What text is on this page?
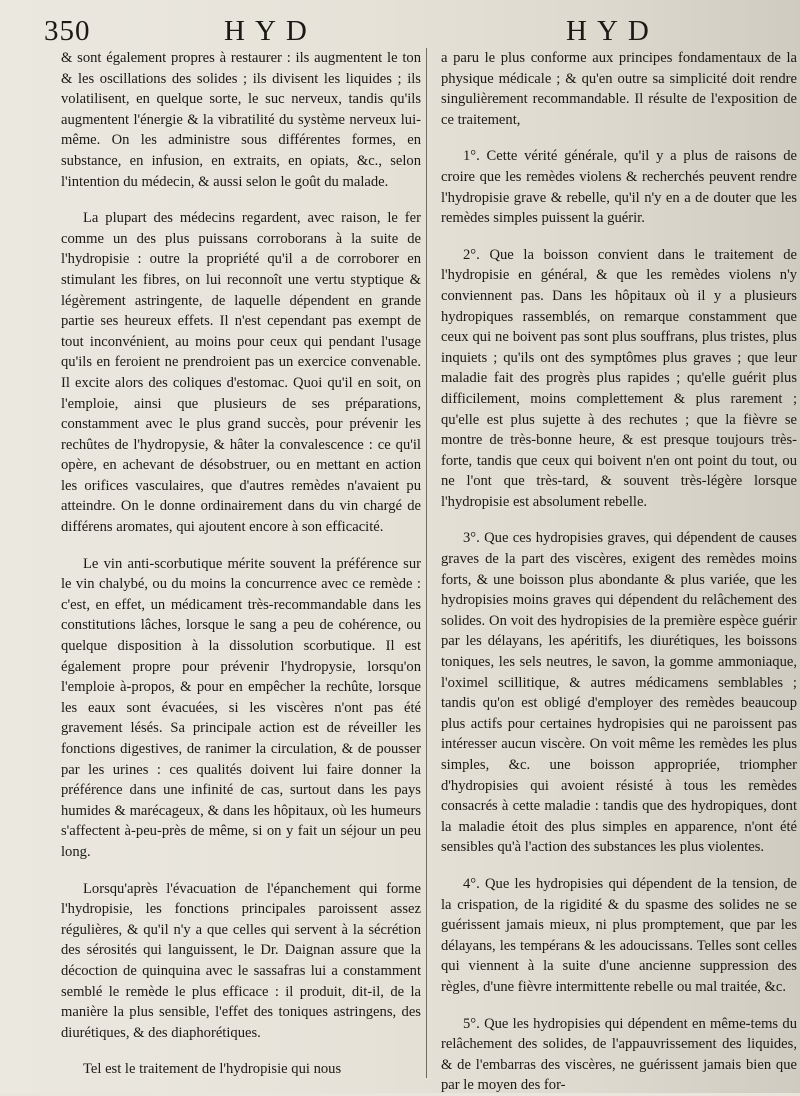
350	HYD	HYD

& sont également propres à restaurer : ils augmentent le ton & les oscillations des solides ; ils divisent les liquides ; ils volatilisent, en quelque sorte, le suc nerveux, tandis qu'ils augmentent l'énergie & la vibratilité du système nerveux lui-même. On les administre sous différentes formes, en substance, en infusion, en extraits, en opiats, &c., selon l'intention du médecin, & aussi selon le goût du malade.

La plupart des médecins regardent, avec raison, le fer comme un des plus puissans corroborans à la suite de l'hydropisie : outre la propriété qu'il a de corroborer en stimulant les fibres, on lui reconnoît une vertu styptique & légèrement astringente, de laquelle dépendent en grande partie ses heureux effets. Il n'est cependant pas exempt de tout inconvénient, au moins pour ceux qui pendant l'usage qu'ils en feroient ne prendroient pas un exercice convenable. Il excite alors des coliques d'estomac. Quoi qu'il en soit, on l'emploie, ainsi que plusieurs de ses préparations, constamment avec le plus grand succès, pour prévenir les rechûtes de l'hydropysie, & hâter la convalescence : ce qu'il opère, en achevant de désobstruer, ou en mettant en action les orifices vasculaires, que d'autres remèdes n'avaient pu atteindre. On le donne ordinairement dans du vin chargé de différens aromates, qui ajoutent encore à son efficacité.

Le vin anti-scorbutique mérite souvent la préférence sur le vin chalybé, ou du moins la concurrence avec ce remède : c'est, en effet, un médicament très-recommandable dans les constitutions lâches, lorsque le sang a peu de cohérence, ou quelque disposition à la dissolution scorbutique. Il est également propre pour prévenir l'hydropysie, lorsqu'on l'emploie à-propos, & pour en empêcher la rechûte, lorsque les eaux sont évacuées, si les viscères n'ont pas été gravement lésés. Sa principale action est de réveiller les fonctions digestives, de ranimer la circulation, & de pousser par les urines : ces qualités doivent lui faire donner la préférence dans une infinité de cas, surtout dans les pays humides & marécageux, & dans les hôpitaux, où les humeurs s'affectent à-peu-près de même, si on y fait un séjour un peu long.

Lorsqu'après l'évacuation de l'épanchement qui forme l'hydropisie, les fonctions principales paroissent assez régulières, & qu'il n'y a que celles qui servent à la sécrétion des sérosités qui languissent, le Dr. Daignan assure que la décoction de quinquina avec le sassafras lui a constamment semblé le remède le plus efficace : il produit, dit-il, de la manière la plus sensible, l'effet des toniques astringens, des diurétiques, & des diaphorétiques.

Tel est le traitement de l'hydropisie qui nous

a paru le plus conforme aux principes fondamentaux de la physique médicale ; & qu'en outre sa simplicité doit rendre singulièrement recommandable. Il résulte de l'exposition de ce traitement,

1°. Cette vérité générale, qu'il y a plus de raisons de croire que les remèdes violens & recherchés peuvent rendre l'hydropisie grave & rebelle, qu'il n'y en a de douter que les remèdes simples puissent la guérir.

2°. Que la boisson convient dans le traitement de l'hydropisie en général, & que les remèdes violens n'y conviennent pas. Dans les hôpitaux où il y a plusieurs hydropiques rassemblés, on remarque constamment que ceux qui ne boivent pas sont plus souffrans, plus tristes, plus inquiets ; qu'ils ont des symptômes plus graves ; que leur maladie fait des progrès plus rapides ; qu'elle guérit plus difficilement, moins complettement & plus rarement ; qu'elle est plus sujette à des rechutes ; que la fièvre se montre de très-bonne heure, & est presque toujours très-forte, tandis que ceux qui boivent n'en ont point du tout, ou ne l'ont que très-tard, & souvent très-légère lorsque l'hydropisie est absolument rebelle.

3°. Que ces hydropisies graves, qui dépendent de causes graves de la part des viscères, exigent des remèdes moins forts, & une boisson plus abondante & plus variée, que les hydropisies moins graves qui dépendent du relâchement des solides. On voit des hydropisies de la première espèce guérir par les délayans, les apéritifs, les diurétiques, les boissons toniques, les sels neutres, le savon, la gomme ammoniaque, l'oximel scillitique, & autres médicamens semblables ; tandis qu'on est obligé d'employer des remèdes beaucoup plus actifs pour certaines hydropisies qui ne paroissent pas intéresser aucun viscère. On voit même les remèdes les plus simples, &c. une boisson appropriée, triompher d'hydropisies qui avoient résisté à tous les remèdes consacrés à cette maladie : tandis que des hydropiques, dont la maladie étoit des plus simples en apparence, n'ont été sensibles qu'à l'action des substances les plus violentes.

4°. Que les hydropisies qui dépendent de la tension, de la crispation, de la rigidité & du spasme des solides ne se guérissent jamais mieux, ni plus promptement, que par les délayans, les tempérans & les adoucissans. Telles sont celles qui viennent à la suite d'une ancienne suppression des règles, d'une fièvre intermittente rebelle ou mal traitée, &c.

5°. Que les hydropisies qui dépendent en même-tems du relâchement des solides, de l'appauvrissement des liquides, & de l'embarras des viscères, ne guérissent jamais bien que par le moyen des for-
